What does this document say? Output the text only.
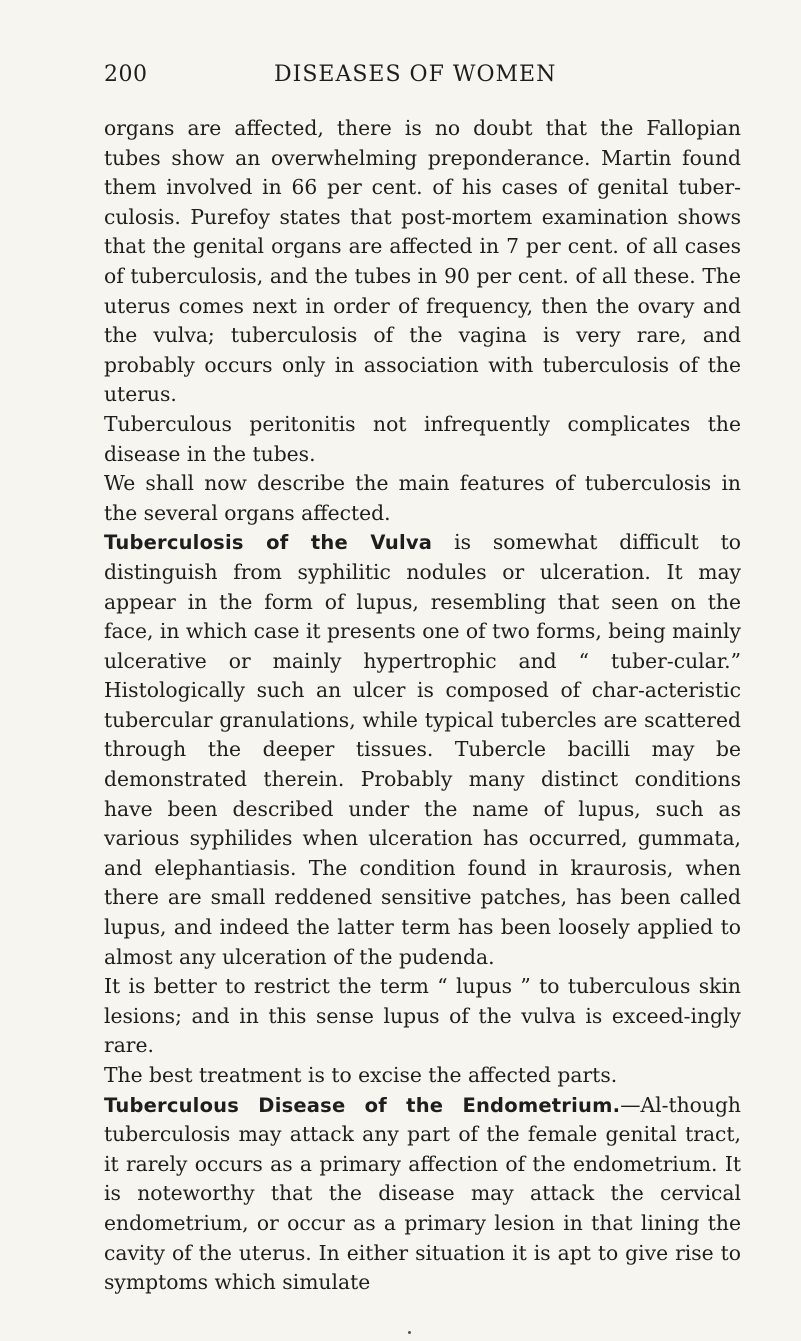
200	DISEASES OF WOMEN

organs are affected, there is no doubt that the Fallopian tubes show an overwhelming preponderance. Martin found them involved in 66 per cent. of his cases of genital tuber-culosis. Purefoy states that post-mortem examination shows that the genital organs are affected in 7 per cent. of all cases of tuberculosis, and the tubes in 90 per cent. of all these. The uterus comes next in order of frequency, then the ovary and the vulva; tuberculosis of the vagina is very rare, and probably occurs only in association with tuberculosis of the uterus.

Tuberculous peritonitis not infrequently complicates the disease in the tubes.

We shall now describe the main features of tuberculosis in the several organs affected.

Tuberculosis of the Vulva is somewhat difficult to distinguish from syphilitic nodules or ulceration. It may appear in the form of lupus, resembling that seen on the face, in which case it presents one of two forms, being mainly ulcerative or mainly hypertrophic and “ tuber-cular.” Histologically such an ulcer is composed of char-acteristic tubercular granulations, while typical tubercles are scattered through the deeper tissues. Tubercle bacilli may be demonstrated therein. Probably many distinct conditions have been described under the name of lupus, such as various syphilides when ulceration has occurred, gummata, and elephantiasis. The condition found in kraurosis, when there are small reddened sensitive patches, has been called lupus, and indeed the latter term has been loosely applied to almost any ulceration of the pudenda.

It is better to restrict the term “ lupus ” to tuberculous skin lesions; and in this sense lupus of the vulva is exceed-ingly rare.

The best treatment is to excise the affected parts.

Tuberculous Disease of the Endometrium.—Al-though tuberculosis may attack any part of the female genital tract, it rarely occurs as a primary affection of the endometrium. It is noteworthy that the disease may attack the cervical endometrium, or occur as a primary lesion in that lining the cavity of the uterus. In either situation it is apt to give rise to symptoms which simulate
